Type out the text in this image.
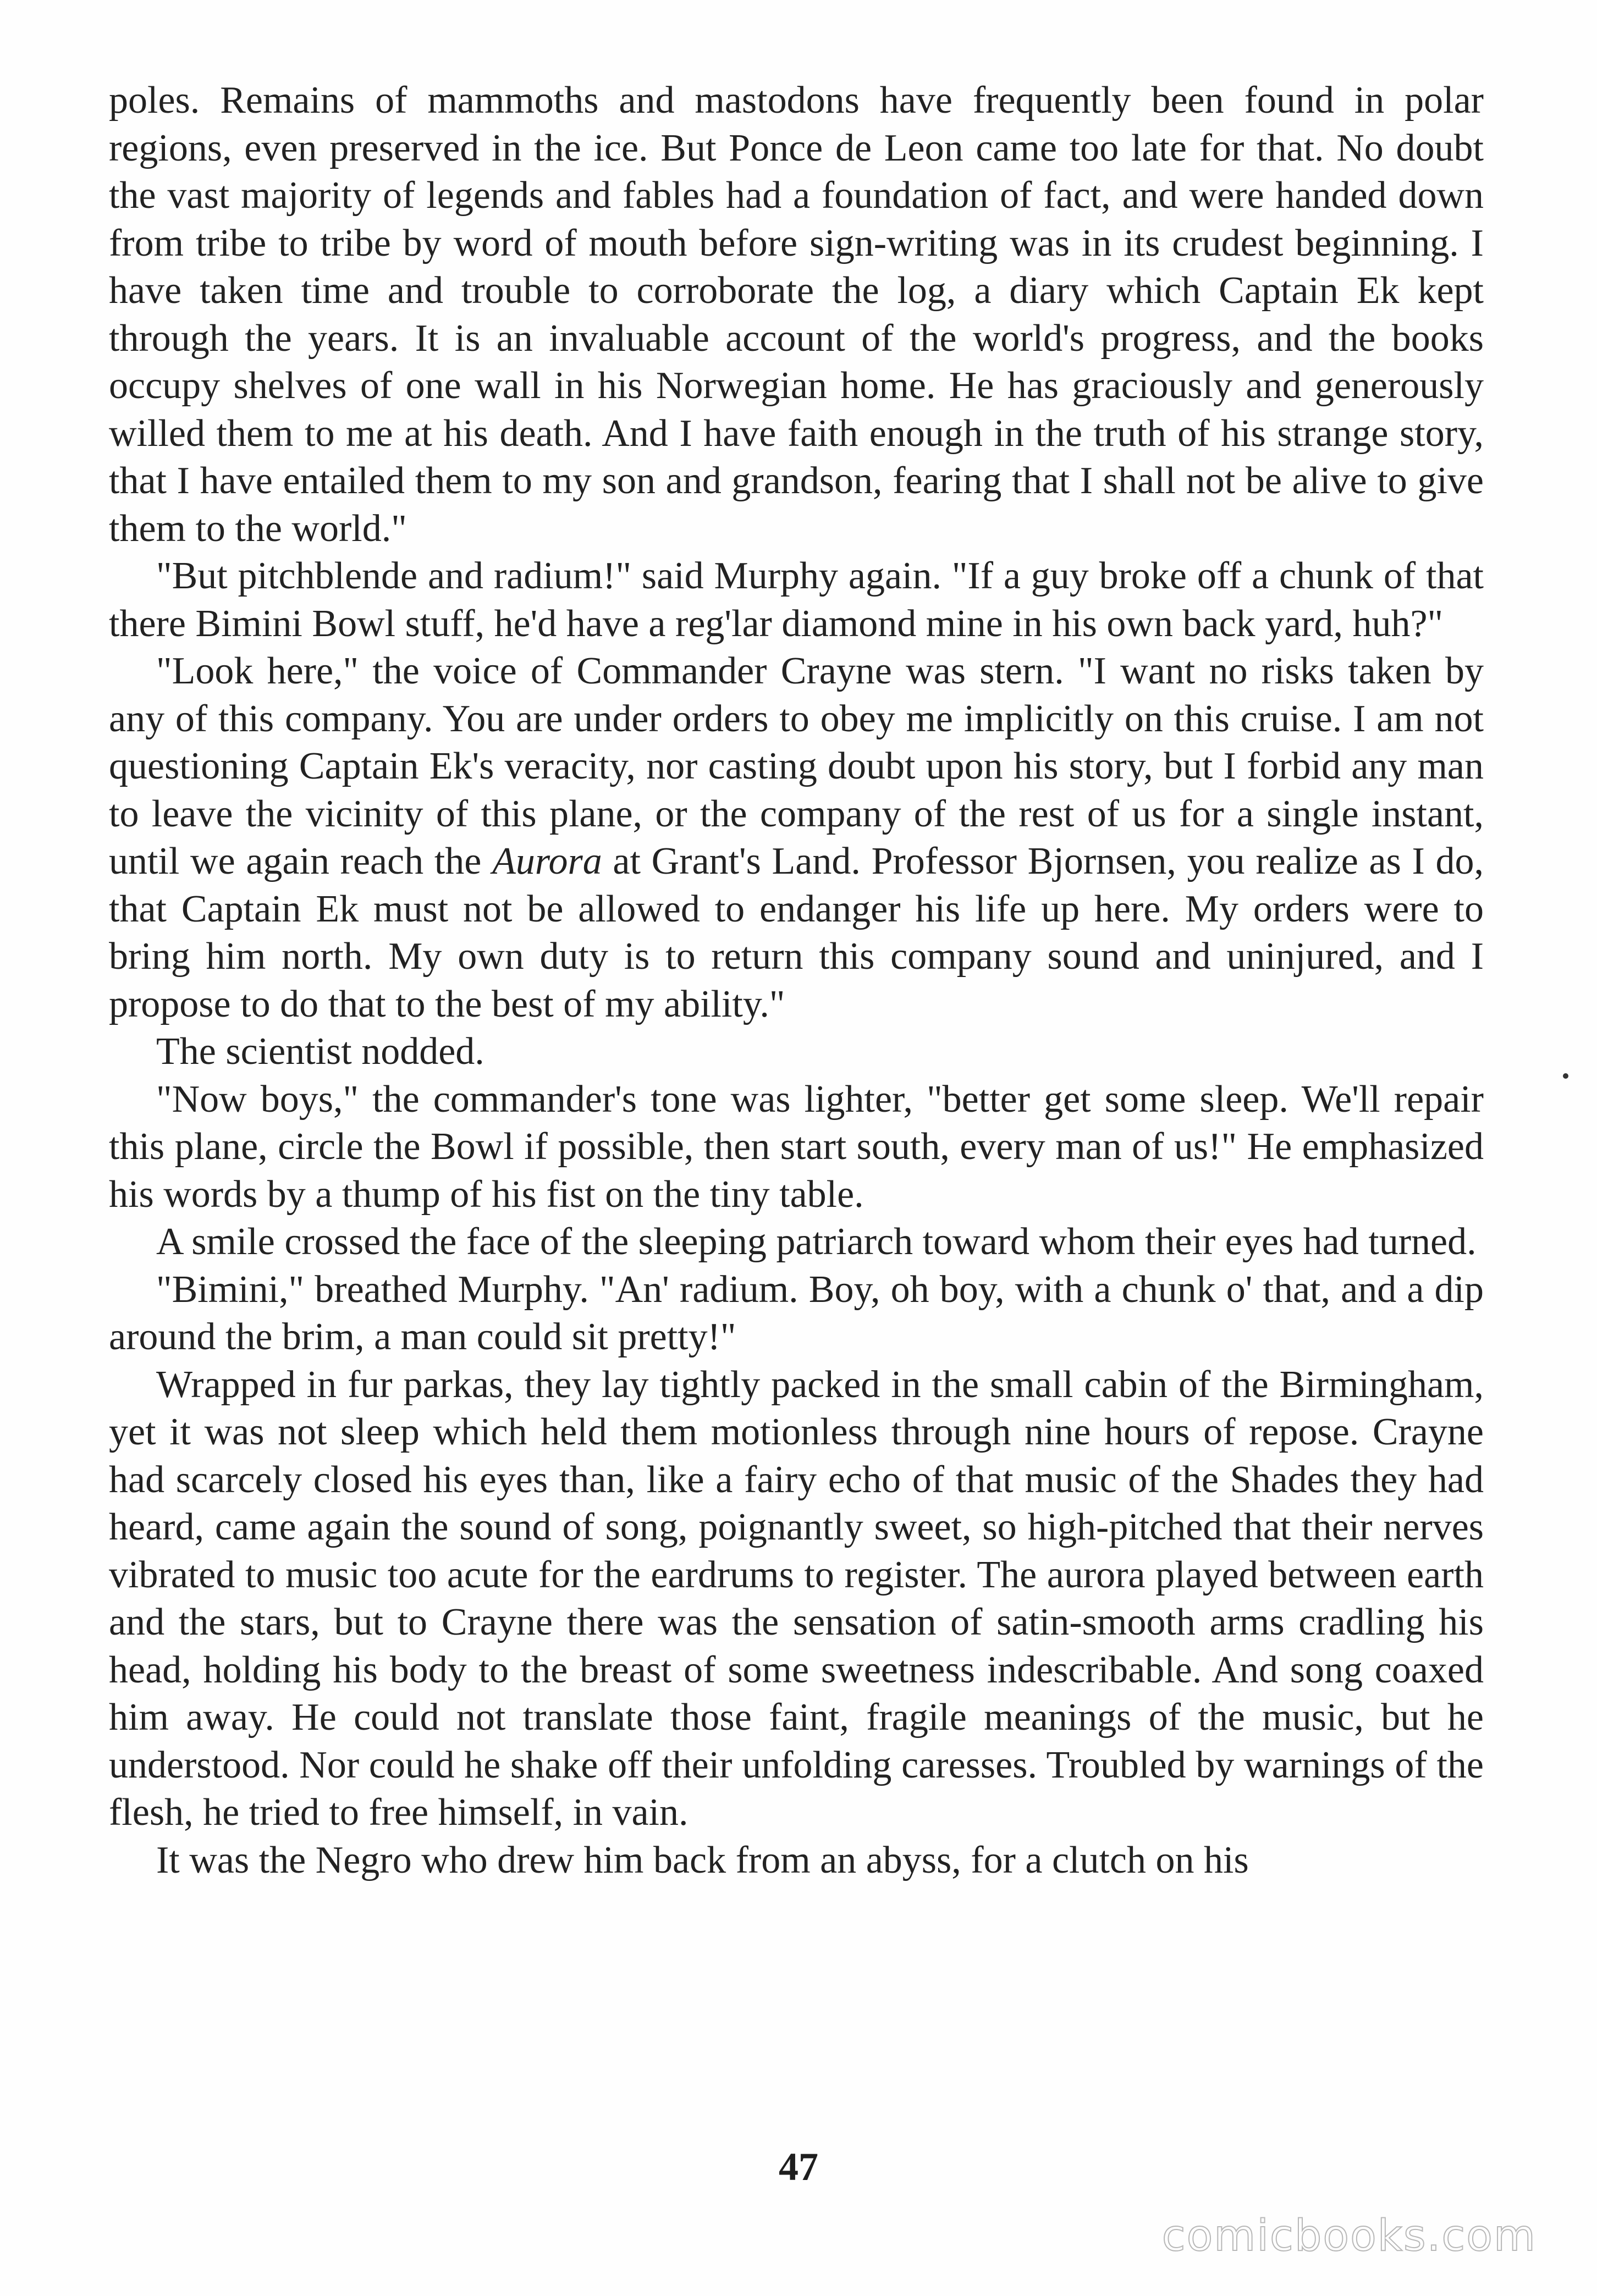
poles. Remains of mammoths and mastodons have frequently been found in polar regions, even preserved in the ice. But Ponce de Leon came too late for that. No doubt the vast majority of legends and fables had a foundation of fact, and were handed down from tribe to tribe by word of mouth before sign-writing was in its crudest beginning. I have taken time and trouble to corroborate the log, a diary which Captain Ek kept through the years. It is an invaluable account of the world's progress, and the books occupy shelves of one wall in his Norwegian home. He has graciously and generously willed them to me at his death. And I have faith enough in the truth of his strange story, that I have entailed them to my son and grandson, fearing that I shall not be alive to give them to the world."

"But pitchblende and radium!" said Murphy again. "If a guy broke off a chunk of that there Bimini Bowl stuff, he'd have a reg'lar diamond mine in his own back yard, huh?"

"Look here," the voice of Commander Crayne was stern. "I want no risks taken by any of this company. You are under orders to obey me implicitly on this cruise. I am not questioning Captain Ek's veracity, nor casting doubt upon his story, but I forbid any man to leave the vicinity of this plane, or the company of the rest of us for a single instant, until we again reach the Aurora at Grant's Land. Professor Bjornsen, you realize as I do, that Captain Ek must not be allowed to endanger his life up here. My orders were to bring him north. My own duty is to return this company sound and uninjured, and I propose to do that to the best of my ability."

The scientist nodded.

"Now boys," the commander's tone was lighter, "better get some sleep. We'll repair this plane, circle the Bowl if possible, then start south, every man of us!" He emphasized his words by a thump of his fist on the tiny table.

A smile crossed the face of the sleeping patriarch toward whom their eyes had turned.

"Bimini," breathed Murphy. "An' radium. Boy, oh boy, with a chunk o' that, and a dip around the brim, a man could sit pretty!"

Wrapped in fur parkas, they lay tightly packed in the small cabin of the Birmingham, yet it was not sleep which held them motionless through nine hours of repose. Crayne had scarcely closed his eyes than, like a fairy echo of that music of the Shades they had heard, came again the sound of song, poignantly sweet, so high-pitched that their nerves vibrated to music too acute for the eardrums to register. The aurora played between earth and the stars, but to Crayne there was the sensation of satin-smooth arms cradling his head, holding his body to the breast of some sweetness indescribable. And song coaxed him away. He could not translate those faint, fragile meanings of the music, but he understood. Nor could he shake off their unfolding caresses. Troubled by warnings of the flesh, he tried to free himself, in vain.

It was the Negro who drew him back from an abyss, for a clutch on his

47
comicbooks.com
